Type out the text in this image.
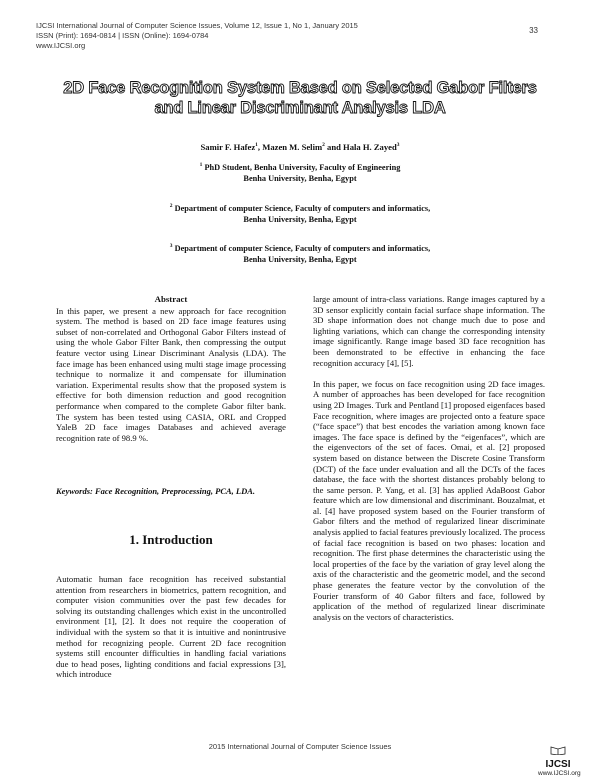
IJCSI International Journal of Computer Science Issues, Volume 12, Issue 1, No 1, January 2015
ISSN (Print): 1694-0814 | ISSN (Online): 1694-0784
www.IJCSI.org
33
2D Face Recognition System Based on Selected Gabor Filters
and Linear Discriminant Analysis LDA
Samir F. Hafez$^1$, Mazen M. Selim$^2$ and Hala H. Zayed$^3$
$^1$ PhD Student, Benha University, Faculty of Engineering
Benha University, Benha, Egypt
$^2$ Department of computer Science, Faculty of computers and informatics,
Benha University, Benha, Egypt
$^3$ Department of computer Science, Faculty of computers and informatics,
Benha University, Benha, Egypt
Abstract

In this paper, we present a new approach for face recognition system. The method is based on 2D face image features using subset of non-correlated and Orthogonal Gabor Filters instead of using the whole Gabor Filter Bank, then compressing the output feature vector using Linear Discriminant Analysis (LDA). The face image has been enhanced using multi stage image processing technique to normalize it and compensate for illumination variation. Experimental results show that the proposed system is effective for both dimension reduction and good recognition performance when compared to the complete Gabor filter bank. The system has been tested using CASIA, ORL and Cropped YaleB 2D face images Databases and achieved average recognition rate of 98.9 %.

Keywords: Face Recognition, Preprocessing, PCA, LDA.
1. Introduction

Automatic human face recognition has received substantial attention from researchers in biometrics, pattern recognition, and computer vision communities over the past few decades for solving its outstanding challenges which exist in the uncontrolled environment [1], [2]. It does not require the cooperation of individual with the system so that it is intuitive and nonintrusive method for recognizing people. Current 2D face recognition systems still encounter difficulties in handling facial variations due to head poses, lighting conditions and facial expressions [3], which introduce

large amount of intra-class variations. Range images captured by a 3D sensor explicitly contain facial surface shape information. The 3D shape information does not change much due to pose and lighting variations, which can change the corresponding intensity image significantly. Range image based 3D face recognition has been demonstrated to be effective in enhancing the face recognition accuracy [4], [5].

In this paper, we focus on face recognition using 2D face images. A number of approaches has been developed for face recognition using 2D Images. Turk and Pentland [1] proposed eigenfaces based Face recognition, where images are projected onto a feature space (“face space”) that best encodes the variation among known face images. The face space is defined by the “eigenfaces”, which are the eigenvectors of the set of faces. Omai, et al. [2] proposed system based on distance between the Discrete Cosine Transform (DCT) of the face under evaluation and all the DCTs of the faces database, the face with the shortest distances probably belong to the same person. P. Yang, et al. [3] has applied AdaBoost Gabor feature which are low dimensional and discriminant. Bouzalmat, et al. [4] have proposed system based on the Fourier transform of Gabor filters and the method of regularized linear discriminate analysis applied to facial features previously localized. The process of facial face recognition is based on two phases: location and recognition. The first phase determines the characteristic using the local properties of the face by the variation of gray level along the axis of the characteristic and the geometric model, and the second phase generates the feature vector by the convolution of the Fourier transform of 40 Gabor filters and face, followed by application of the method of regularized linear discriminate analysis on the vectors of characteristics.

2015 International Journal of Computer Science Issues
IJCSI
www.IJCSI.org
